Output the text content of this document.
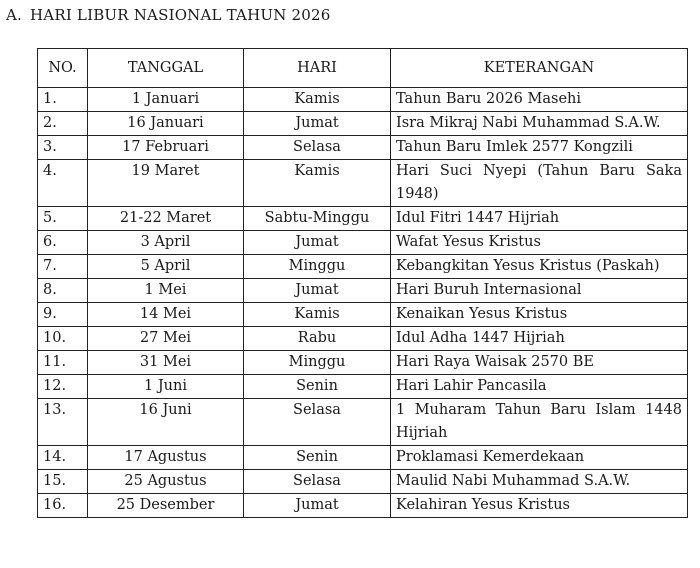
A. HARI LIBUR NASIONAL TAHUN 2026
NO.	TANGGAL	HARI	KETERANGAN
1.	1 Januari	Kamis	Tahun Baru 2026 Masehi
2.	16 Januari	Jumat	Isra Mikraj Nabi Muhammad S.A.W.
3.	17 Februari	Selasa	Tahun Baru Imlek 2577 Kongzili
4.	19 Maret	Kamis	Hari Suci Nyepi (Tahun Baru Saka 1948)
5.	21-22 Maret	Sabtu-Minggu	Idul Fitri 1447 Hijriah
6.	3 April	Jumat	Wafat Yesus Kristus
7.	5 April	Minggu	Kebangkitan Yesus Kristus (Paskah)
8.	1 Mei	Jumat	Hari Buruh Internasional
9.	14 Mei	Kamis	Kenaikan Yesus Kristus
10.	27 Mei	Rabu	Idul Adha 1447 Hijriah
11.	31 Mei	Minggu	Hari Raya Waisak 2570 BE
12.	1 Juni	Senin	Hari Lahir Pancasila
13.	16 Juni	Selasa	1 Muharam Tahun Baru Islam 1448 Hijriah
14.	17 Agustus	Senin	Proklamasi Kemerdekaan
15.	25 Agustus	Selasa	Maulid Nabi Muhammad S.A.W.
16.	25 Desember	Jumat	Kelahiran Yesus Kristus
